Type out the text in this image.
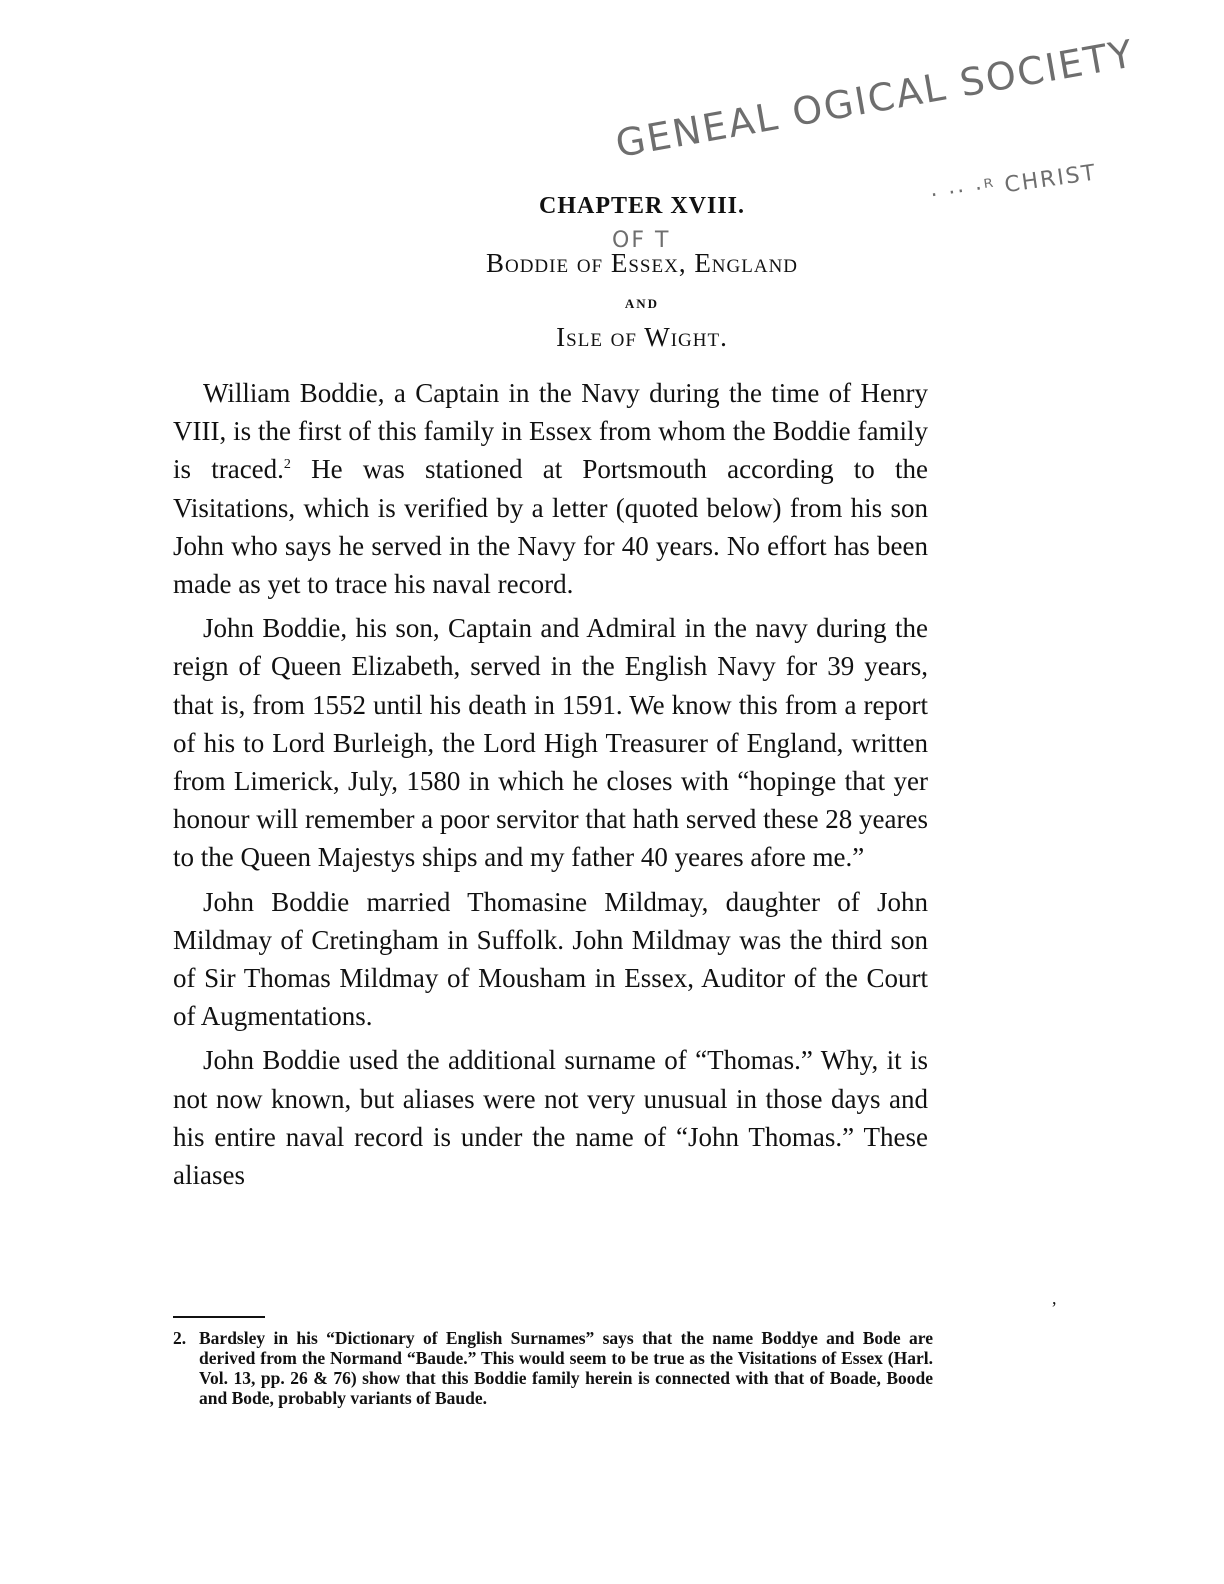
GENEAL OGICAL SOCIETY
· ·· ·ᴿ CHRIST
OF T
CHAPTER XVIII.
Boddie of Essex, England
and
Isle of Wight.

William Boddie, a Captain in the Navy during the time of Henry VIII, is the first of this family in Essex from whom the Boddie family is traced.$^2$ He was stationed at Portsmouth according to the Visitations, which is verified by a letter (quoted below) from his son John who says he served in the Navy for 40 years. No effort has been made as yet to trace his naval record.

John Boddie, his son, Captain and Admiral in the navy during the reign of Queen Elizabeth, served in the English Navy for 39 years, that is, from 1552 until his death in 1591. We know this from a report of his to Lord Burleigh, the Lord High Treasurer of England, written from Limerick, July, 1580 in which he closes with “hopinge that yer honour will remember a poor servitor that hath served these 28 yeares to the Queen Majestys ships and my father 40 yeares afore me.”

John Boddie married Thomasine Mildmay, daughter of John Mildmay of Cretingham in Suffolk. John Mildmay was the third son of Sir Thomas Mildmay of Mousham in Essex, Auditor of the Court of Augmentations.

John Boddie used the additional surname of “Thomas.” Why, it is not now known, but aliases were not very unusual in those days and his entire naval record is under the name of “John Thomas.” These aliases

,
2. Bardsley in his “Dictionary of English Surnames” says that the name Boddye and Bode are derived from the Normand “Baude.” This would seem to be true as the Visitations of Essex (Harl. Vol. 13, pp. 26 & 76) show that this Boddie family herein is connected with that of Boade, Boode and Bode, probably variants of Baude.
